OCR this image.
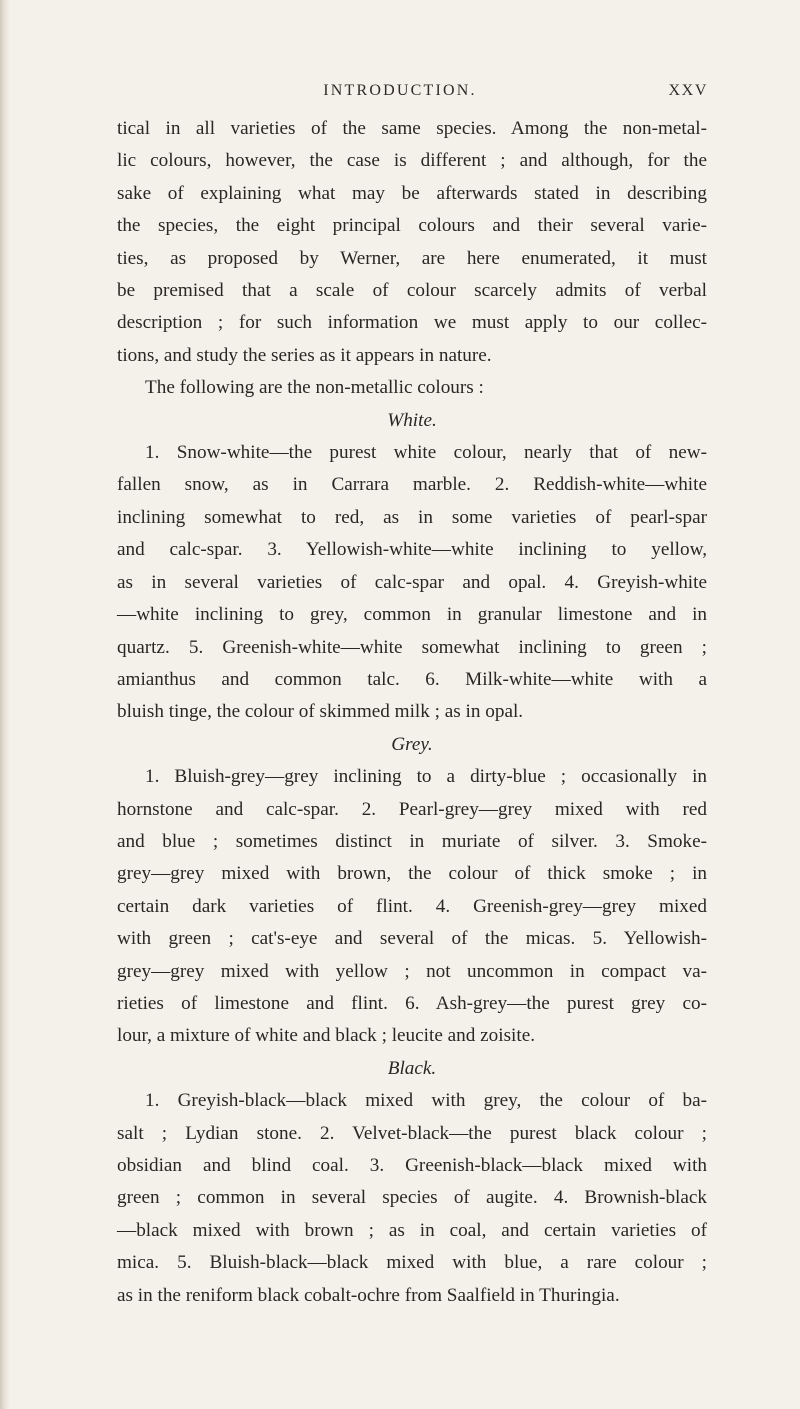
INTRODUCTION.	XXV
tical in all varieties of the same species. Among the non-metal-
lic colours, however, the case is different ; and although, for the
sake of explaining what may be afterwards stated in describing
the species, the eight principal colours and their several varie-
ties, as proposed by Werner, are here enumerated, it must
be premised that a scale of colour scarcely admits of verbal
description ; for such information we must apply to our collec-
tions, and study the series as it appears in nature.
The following are the non-metallic colours :
White.
1. Snow-white—the purest white colour, nearly that of new-
fallen snow, as in Carrara marble. 2. Reddish-white—white
inclining somewhat to red, as in some varieties of pearl-spar
and calc-spar. 3. Yellowish-white—white inclining to yellow,
as in several varieties of calc-spar and opal. 4. Greyish-white
—white inclining to grey, common in granular limestone and in
quartz. 5. Greenish-white—white somewhat inclining to green ;
amianthus and common talc. 6. Milk-white—white with a
bluish tinge, the colour of skimmed milk ; as in opal.
Grey.
1. Bluish-grey—grey inclining to a dirty-blue ; occasionally in
hornstone and calc-spar. 2. Pearl-grey—grey mixed with red
and blue ; sometimes distinct in muriate of silver. 3. Smoke-
grey—grey mixed with brown, the colour of thick smoke ; in
certain dark varieties of flint. 4. Greenish-grey—grey mixed
with green ; cat's-eye and several of the micas. 5. Yellowish-
grey—grey mixed with yellow ; not uncommon in compact va-
rieties of limestone and flint. 6. Ash-grey—the purest grey co-
lour, a mixture of white and black ; leucite and zoisite.
Black.
1. Greyish-black—black mixed with grey, the colour of ba-
salt ; Lydian stone. 2. Velvet-black—the purest black colour ;
obsidian and blind coal. 3. Greenish-black—black mixed with
green ; common in several species of augite. 4. Brownish-black
—black mixed with brown ; as in coal, and certain varieties of
mica. 5. Bluish-black—black mixed with blue, a rare colour ;
as in the reniform black cobalt-ochre from Saalfield in Thuringia.
